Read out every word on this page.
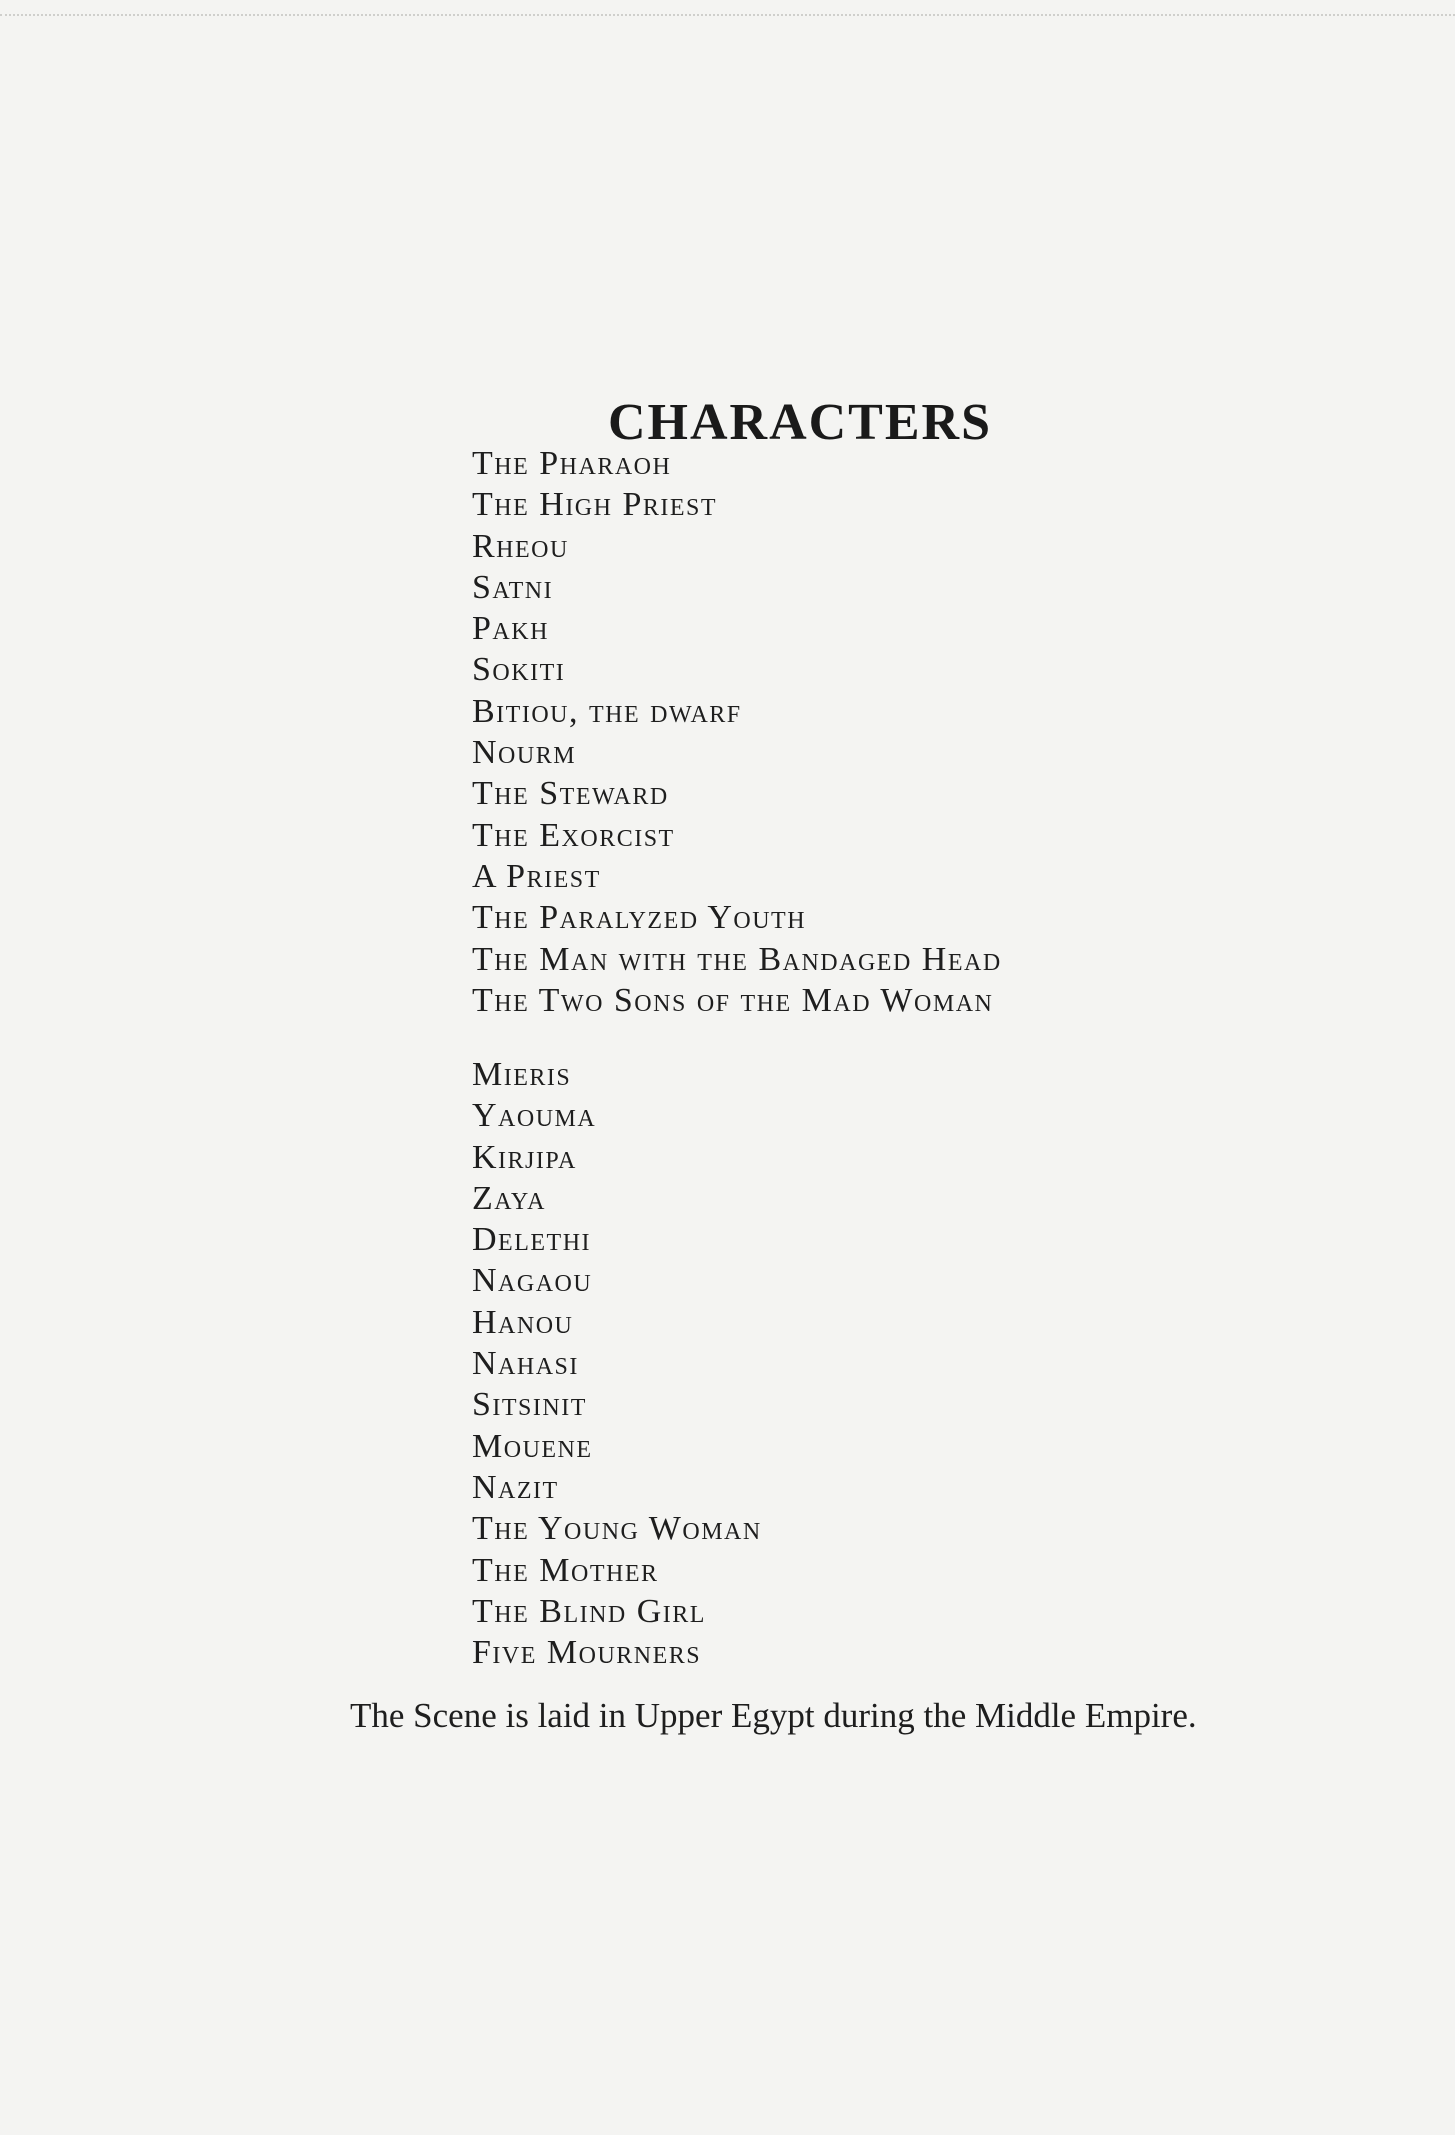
CHARACTERS
The Pharaoh
The High Priest
Rheou
Satni
Pakh
Sokiti
Bitiou, the dwarf
Nourm
The Steward
The Exorcist
A Priest
The Paralyzed Youth
The Man with the Bandaged Head
The Two Sons of the Mad Woman
Mieris
Yaouma
Kirjipa
Zaya
Delethi
Nagaou
Hanou
Nahasi
Sitsinit
Mouene
Nazit
The Young Woman
The Mother
The Blind Girl
Five Mourners

The Scene is laid in Upper Egypt during the Middle Empire.
